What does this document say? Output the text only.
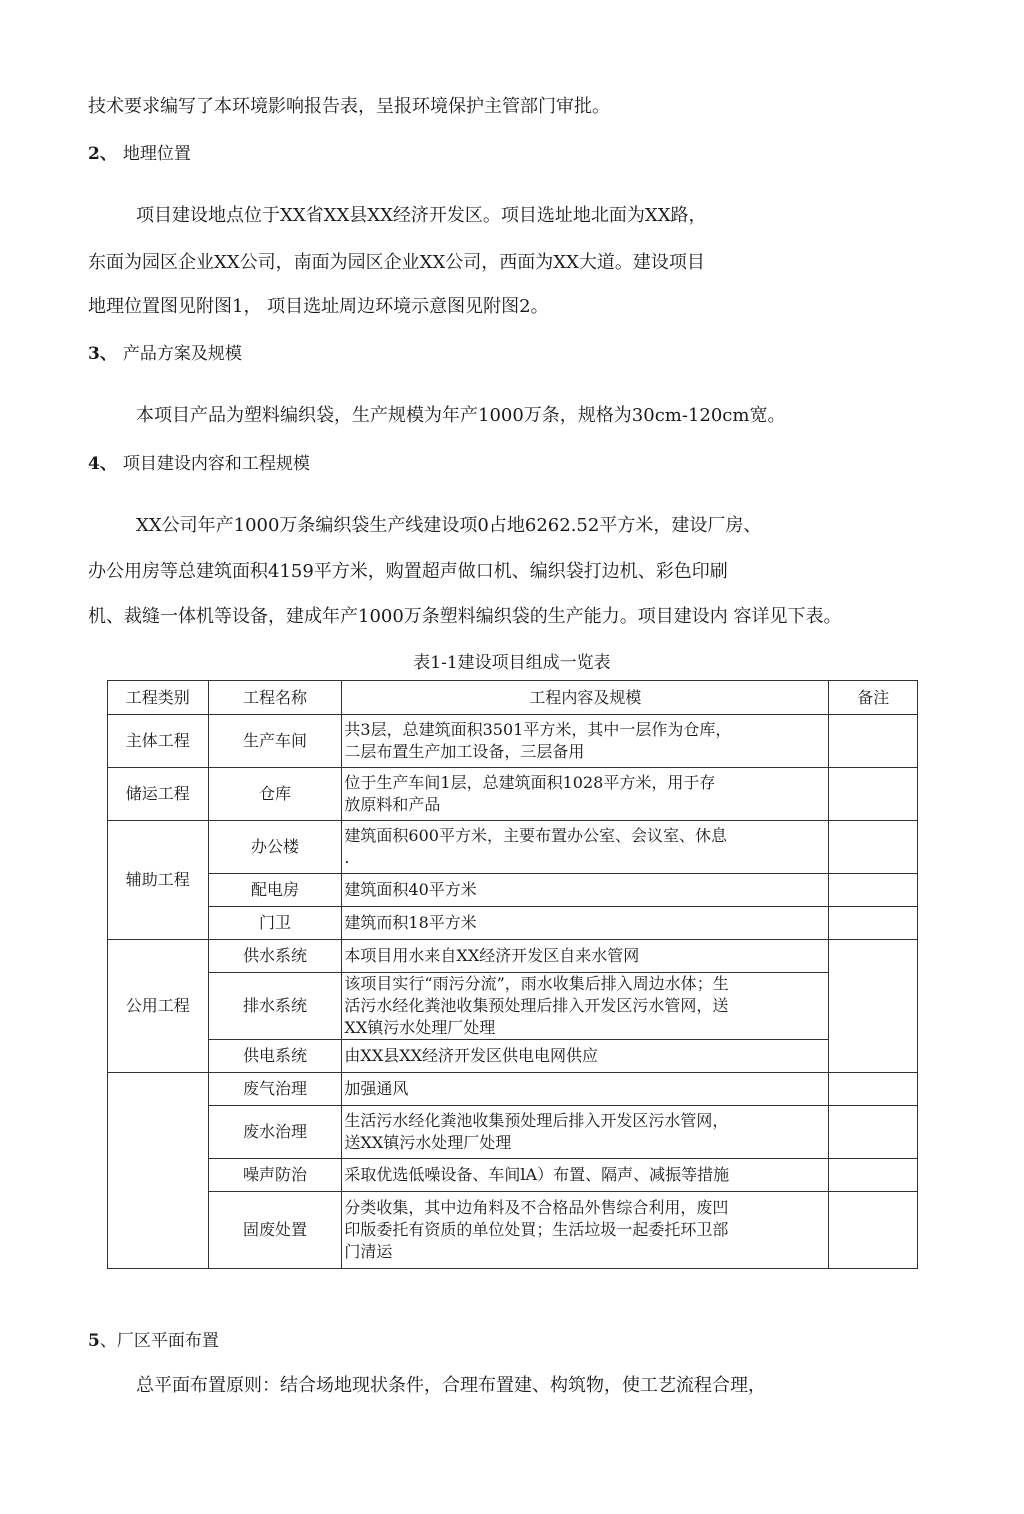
技术要求编写了本环境影响报告表，呈报环境保护主管部门审批。
2、 地理位置
项目建设地点位于XX省XX县XX经济开发区。项目选址地北面为XX路，
东面为园区企业XX公司，南面为园区企业XX公司，西面为XX大道。建设项目
地理位置图见附图1， 项目选址周边环境示意图见附图2。
3、 产品方案及规模
本项目产品为塑料编织袋，生产规模为年产1000万条，规格为30cm-120cm宽。
4、 项目建设内容和工程规模
XX公司年产1000万条编织袋生产线建设项0占地6262.52平方米，建设厂房、
办公用房等总建筑面积4159平方米，购置超声做口机、编织袋打边机、彩色印刷
机、裁缝一体机等设备，建成年产1000万条塑料编织袋的生产能力。项目建设内 容详见下表。
表1-1建设项目组成一览表
工程类别	工程名称	工程内容及规模	备注
主体工程	生产车间	共3层，总建筑面积3501平方米，其中一层作为仓库，
二层布置生产加工设备，三层备用	
储运工程	仓库	位于生产车间1层，总建筑面积1028平方米，用于存
放原料和产品	
辅助工程	办公楼	建筑面积600平方米，主要布置办公室、会议室、休息
.	
	配电房	建筑面积40平方米	
	门卫	建筑而积18平方米	
公用工程	供水系统	本项目用水来自XX经济开发区自来水管网	
	排水系统	该项目实行“雨污分流”，雨水收集后排入周边水体；生
活污水经化粪池收集预处理后排入开发区污水管网，送
XX镇污水处理厂处理	
	供电系统	由XX县XX经济开发区供电电网供应	
	废气治理	加强通风	
	废水治理	生活污水经化粪池收集预处理后排入开发区污水管网，
送XX镇污水处理厂处理	
	噪声防治	采取优选低噪设备、车间lA）布置、隔声、减振等措施	
	固废处置	分类收集，其中边角料及不合格品外售综合利用，废凹
印版委托有资质的单位处買；生活垃圾一起委托环卫部
门清运	
5、厂区平面布置
总平面布置原则：结合场地现状条件，合理布置建、构筑物，使工艺流程合理，
